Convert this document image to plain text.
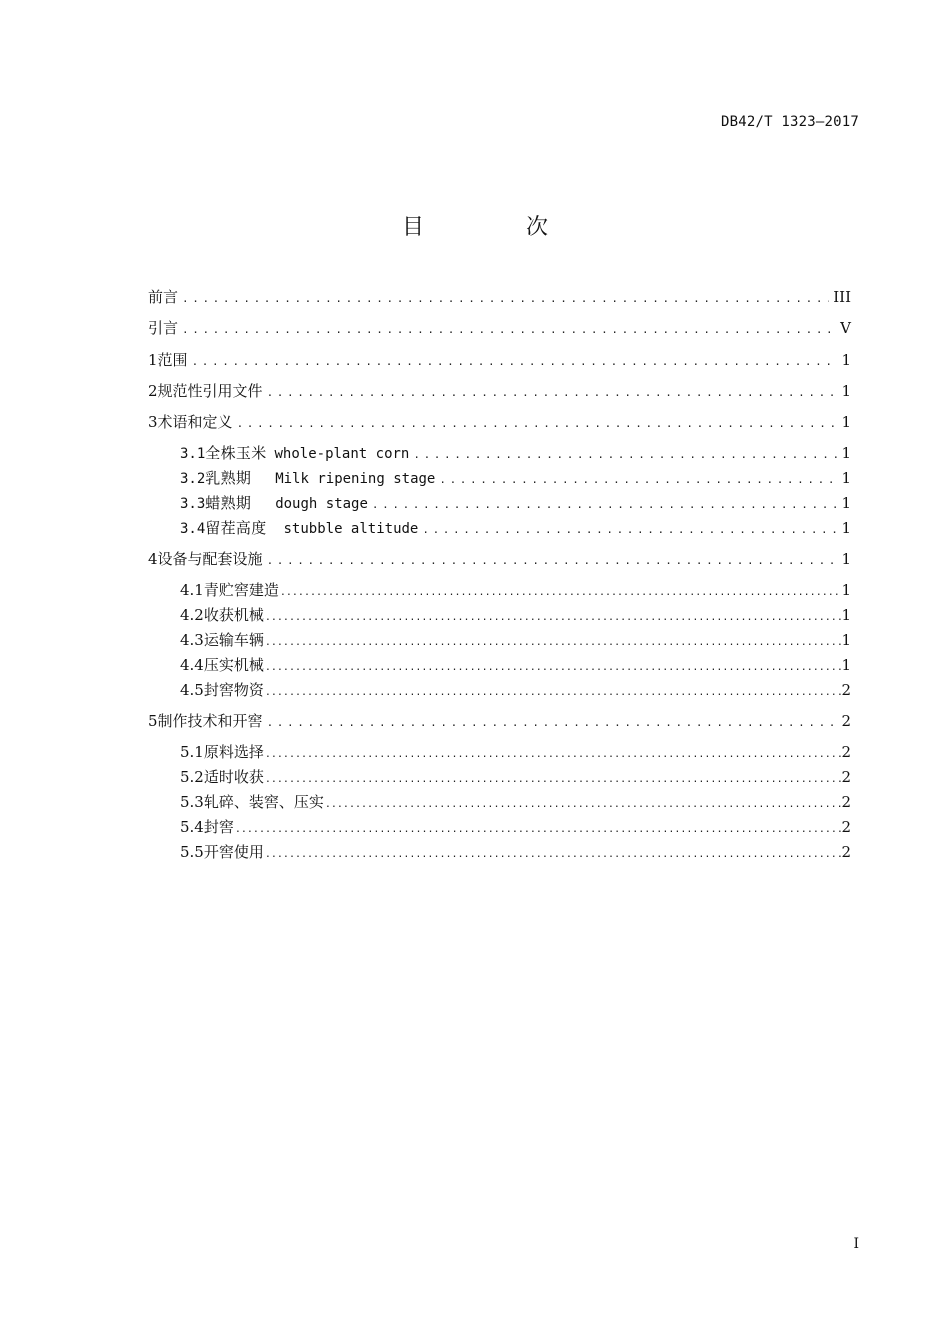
DB42/T 1323—2017
目　次
前言 .....	III
引言 .....	V
1 范围 .....	1
2 规范性引用文件 .....	1
3 术语和定义 .....	1
3.1 全株玉米 whole-plant corn .....	1
3.2 乳熟期 Milk ripening stage .....	1
3.3 蜡熟期 dough stage .....	1
3.4 留茬高度 stubble altitude .....	1
4 设备与配套设施 .....	1
4.1 青贮窖建造 .....	1
4.2 收获机械 .....	1
4.3 运输车辆 .....	1
4.4 压实机械 .....	1
4.5 封窖物资 .....	2
5 制作技术和开窖 .....	2
5.1 原料选择 .....	2
5.2 适时收获 .....	2
5.3 轧碎、装窖、压实 .....	2
5.4 封窖 .....	2
5.5 开窖使用 .....	2
I
